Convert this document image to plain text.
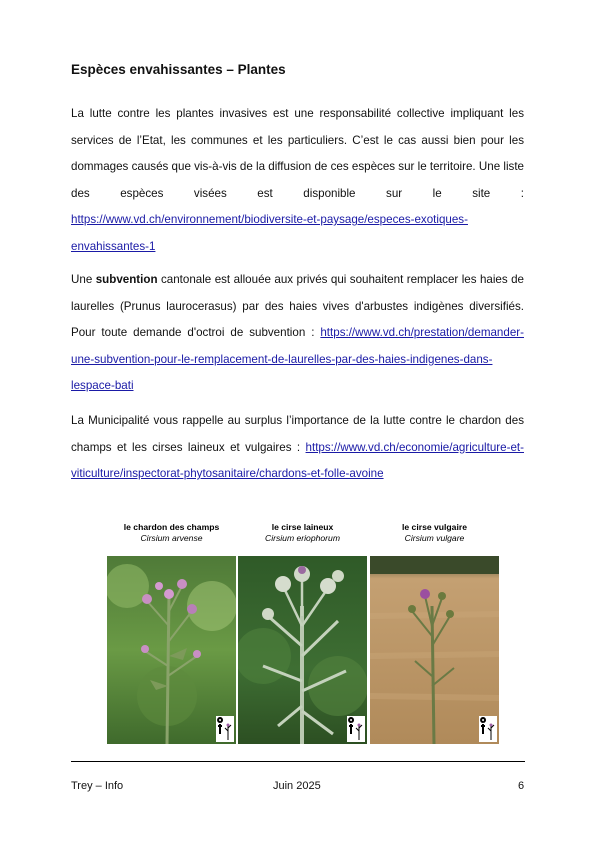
Espèces envahissantes – Plantes

La lutte contre les plantes invasives est une responsabilité collective impliquant les services de l’Etat, les communes et les particuliers. C’est le cas aussi bien pour les dommages causés que vis-à-vis de la diffusion de ces espèces sur le territoire. Une liste des espèces visées est disponible sur le site : https://www.vd.ch/environnement/biodiversite-et-paysage/especes-exotiques-envahissantes-1

Une subvention cantonale est allouée aux privés qui souhaitent remplacer les haies de laurelles (Prunus laurocerasus) par des haies vives d'arbustes indigènes diversifiés. Pour toute demande d'octroi de subvention : https://www.vd.ch/prestation/demander-une-subvention-pour-le-remplacement-de-laurelles-par-des-haies-indigenes-dans-lespace-bati

La Municipalité vous rappelle au surplus l’importance de la lutte contre le chardon des champs et les cirses laineux et vulgaires : https://www.vd.ch/economie/agriculture-et-viticulture/inspectorat-phytosanitaire/chardons-et-folle-avoine

le chardon des champs
Cirsium arvense
le cirse laineux
Cirsium eriophorum
le cirse vulgaire
Cirsium vulgare
Trey – Info	Juin 2025	6
